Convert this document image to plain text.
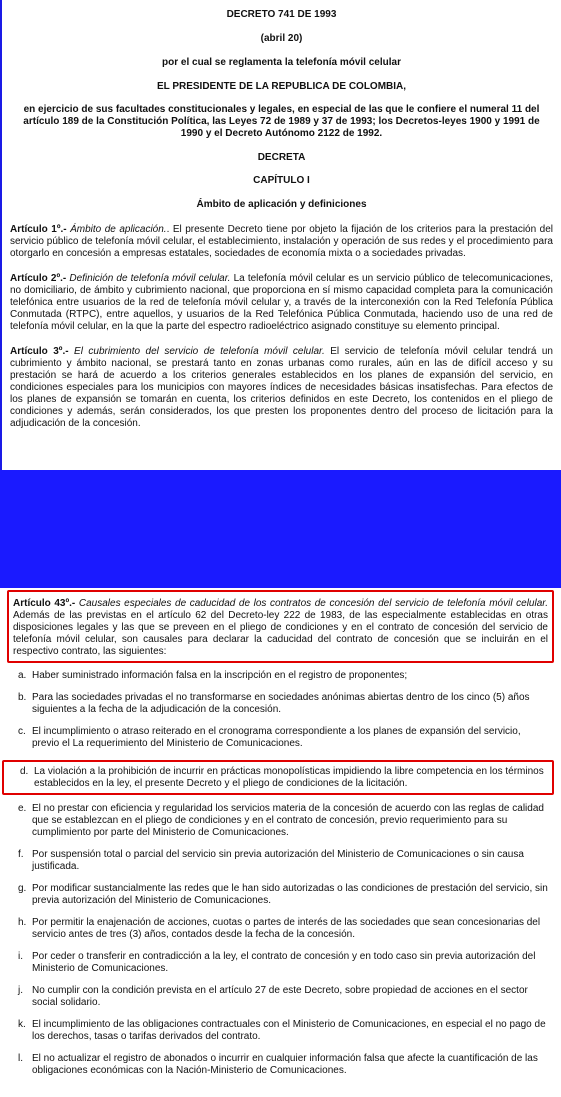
DECRETO 741 DE 1993
(abril 20)
por el cual se reglamenta la telefonía móvil celular
EL PRESIDENTE DE LA REPUBLICA DE COLOMBIA,
en ejercicio de sus facultades constitucionales y legales, en especial de las que le confiere el numeral 11 del artículo 189 de la Constitución Política, las Leyes 72 de 1989 y 37 de 1993; los Decretos-leyes 1900 y 1991 de 1990 y el Decreto Autónomo 2122 de 1992.
DECRETA
CAPÍTULO I
Ámbito de aplicación y definiciones

Artículo 1º.- Ámbito de aplicación.. El presente Decreto tiene por objeto la fijación de los criterios para la prestación del servicio público de telefonía móvil celular, el establecimiento, instalación y operación de sus redes y el procedimiento para otorgarlo en concesión a empresas estatales, sociedades de economía mixta o a sociedades privadas.

Artículo 2º.- Definición de telefonía móvil celular. La telefonía móvil celular es un servicio público de telecomunicaciones, no domiciliario, de ámbito y cubrimiento nacional, que proporciona en sí mismo capacidad completa para la comunicación telefónica entre usuarios de la red de telefonía móvil celular y, a través de la interconexión con la Red Telefonía Pública Conmutada (RTPC), entre aquellos, y usuarios de la Red Telefónica Pública Conmutada, haciendo uso de una red de telefonía móvil celular, en la que la parte del espectro radioeléctrico asignado constituye su elemento principal.

Artículo 3º.- El cubrimiento del servicio de telefonía móvil celular. El servicio de telefonía móvil celular tendrá un cubrimiento y ámbito nacional, se prestará tanto en zonas urbanas como rurales, aún en las de difícil acceso y su prestación se hará de acuerdo a los criterios generales establecidos en los planes de expansión del servicio, en condiciones especiales para los municipios con mayores índices de necesidades básicas insatisfechas. Para efectos de los planes de expansión se tomarán en cuenta, los criterios definidos en este Decreto, los contenidos en el pliego de condiciones y además, serán considerados, los que presten los proponentes dentro del proceso de licitación para la adjudicación de la concesión.

Artículo 43º.- Causales especiales de caducidad de los contratos de concesión del servicio de telefonía móvil celular. Además de las previstas en el artículo 62 del Decreto-ley 222 de 1983, de las especialmente establecidas en otras disposiciones legales y las que se preveen en el pliego de condiciones y en el contrato de concesión del servicio de telefonía móvil celular, son causales para declarar la caducidad del contrato de concesión que se incluirán en el respectivo contrato, las siguientes:

a. Haber suministrado información falsa en la inscripción en el registro de proponentes;
b. Para las sociedades privadas el no transformarse en sociedades anónimas abiertas dentro de los cinco (5) años siguientes a la fecha de la adjudicación de la concesión.
c. El incumplimiento o atraso reiterado en el cronograma correspondiente a los planes de expansión del servicio, previo el La requerimiento del Ministerio de Comunicaciones.
d. La violación a la prohibición de incurrir en prácticas monopolísticas impidiendo la libre competencia en los términos establecidos en la ley, el presente Decreto y el pliego de condiciones de la licitación.
e. El no prestar con eficiencia y regularidad los servicios materia de la concesión de acuerdo con las reglas de calidad que se establezcan en el pliego de condiciones y en el contrato de concesión, previo requerimiento para su cumplimiento por parte del Ministerio de Comunicaciones.
f. Por suspensión total o parcial del servicio sin previa autorización del Ministerio de Comunicaciones o sin causa justificada.
g. Por modificar sustancialmente las redes que le han sido autorizadas o las condiciones de prestación del servicio, sin previa autorización del Ministerio de Comunicaciones.
h. Por permitir la enajenación de acciones, cuotas o partes de interés de las sociedades que sean concesionarias del servicio antes de tres (3) años, contados desde la fecha de la concesión.
i. Por ceder o transferir en contradicción a la ley, el contrato de concesión y en todo caso sin previa autorización del Ministerio de Comunicaciones.
j. No cumplir con la condición prevista en el artículo 27 de este Decreto, sobre propiedad de acciones en el sector social solidario.
k. El incumplimiento de las obligaciones contractuales con el Ministerio de Comunicaciones, en especial el no pago de los derechos, tasas o tarifas derivados del contrato.
l. El no actualizar el registro de abonados o incurrir en cualquier información falsa que afecte la cuantificación de las obligaciones económicas con la Nación-Ministerio de Comunicaciones.
